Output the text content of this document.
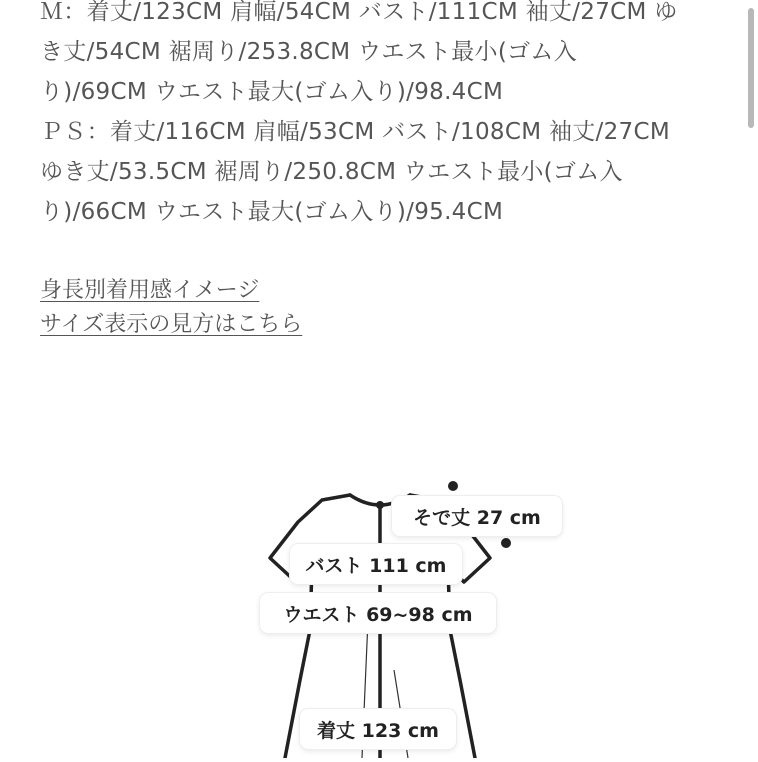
Ｍ：着丈/123CM 肩幅/54CM バスト/111CM 袖丈/27CM ゆ
き丈/54CM 裾周り/253.8CM ウエスト最小(ゴム入
り)/69CM ウエスト最大(ゴム入り)/98.4CM
ＰＳ：着丈/116CM 肩幅/53CM バスト/108CM 袖丈/27CM
ゆき丈/53.5CM 裾周り/250.8CM ウエスト最小(ゴム入
り)/66CM ウエスト最大(ゴム入り)/95.4CM
身長別着用感イメージ
サイズ表示の見方はこちら
そで丈 27 cm
バスト 111 cm
ウエスト 69~98 cm
着丈 123 cm
